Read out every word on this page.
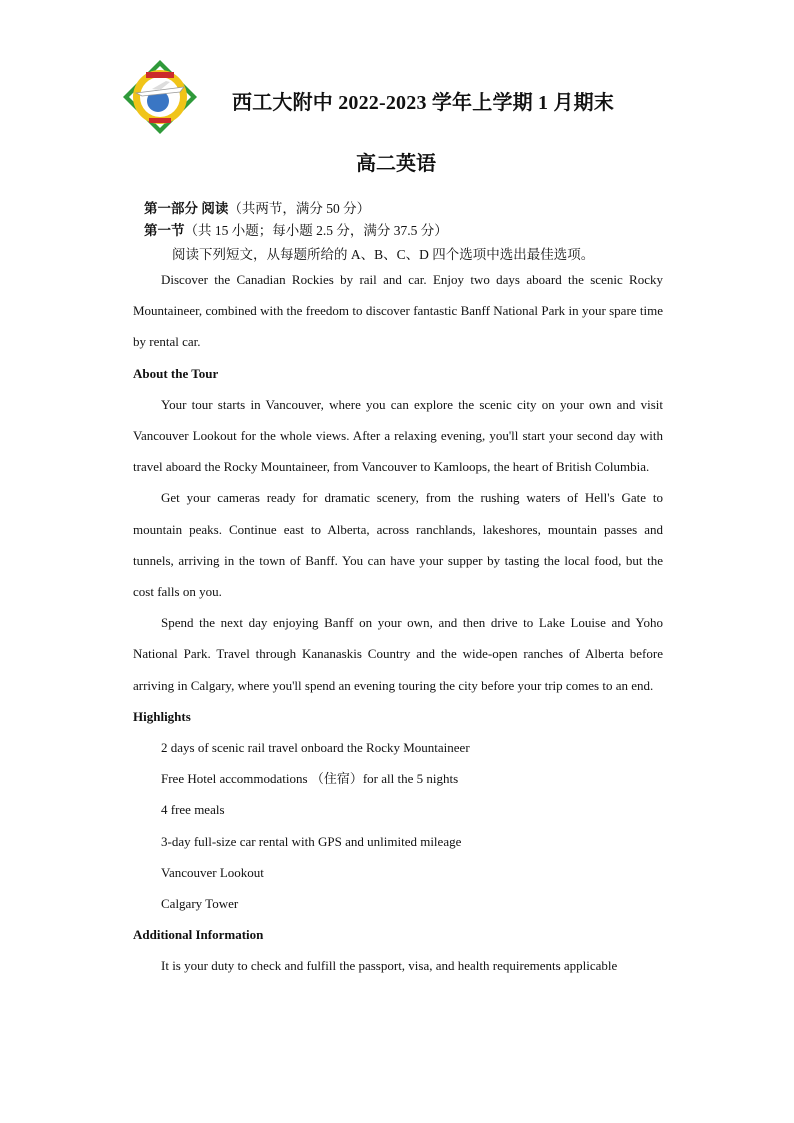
西工大附中 2022-2023 学年上学期 1 月期末
高二英语
第一部分 阅读（共两节，满分 50 分）
第一节（共 15 小题；每小题 2.5 分，满分 37.5 分）
阅读下列短文，从每题所给的 A、B、C、D 四个选项中选出最佳选项。

Discover the Canadian Rockies by rail and car. Enjoy two days aboard the scenic Rocky Mountaineer, combined with the freedom to discover fantastic Banff National Park in your spare time by rental car.

About the Tour

Your tour starts in Vancouver, where you can explore the scenic city on your own and visit Vancouver Lookout for the whole views. After a relaxing evening, you'll start your second day with travel aboard the Rocky Mountaineer, from Vancouver to Kamloops, the heart of British Columbia.

Get your cameras ready for dramatic scenery, from the rushing waters of Hell's Gate to mountain peaks. Continue east to Alberta, across ranchlands, lakeshores, mountain passes and tunnels, arriving in the town of Banff. You can have your supper by tasting the local food, but the cost falls on you.

Spend the next day enjoying Banff on your own, and then drive to Lake Louise and Yoho National Park. Travel through Kananaskis Country and the wide-open ranches of Alberta before arriving in Calgary, where you'll spend an evening touring the city before your trip comes to an end.

Highlights
2 days of scenic rail travel onboard the Rocky Mountaineer
Free Hotel accommodations （住宿）for all the 5 nights
4 free meals
3-day full-size car rental with GPS and unlimited mileage
Vancouver Lookout
Calgary Tower
Additional Information

It is your duty to check and fulfill the passport, visa, and health requirements applicable
